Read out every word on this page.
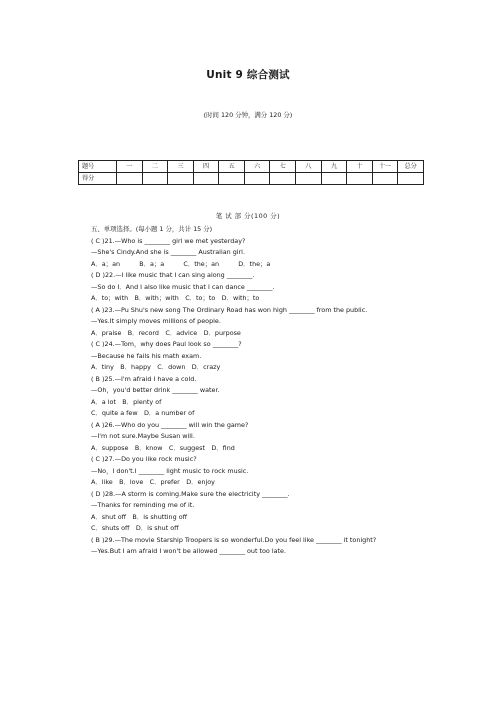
Unit 9 综合测试
(时间 120 分钟，满分 120 分)
题号	一	二	三	四	五	六	七	八	九	十	十一	总分
得分												
笔 试 部 分(100 分)
五、单项选择。(每小题 1 分，共计 15 分)
( C )21.—Who is ________ girl we met yesterday?
—She's Cindy.And she is ________ Australian girl.
A．a；an　　　B．a；a　　　C．the；an　　　D．the；a
( D )22.—I like music that I can sing along ________.
—So do I．And I also like music that I can dance ________.
A．to；with　B．with；with　C．to；to　D．with；to
( A )23.—Pu Shu's new song The Ordinary Road has won high ________ from the public.
—Yes.It simply moves millions of people.
A．praise　B．record　C．advice　D．purpose
( C )24.—Tom，why does Paul look so ________?
—Because he fails his math exam.
A．tiny　B．happy　C．down　D．crazy
( B )25.—I'm afraid I have a cold.
—Oh，you'd better drink ________ water.
A．a lot　B．plenty of
C．quite a few　D．a number of
( A )26.—Who do you ________ will win the game?
—I'm not sure.Maybe Susan will.
A．suppose　B．know　C．suggest　D．find
( C )27.—Do you like rock music?
—No，I don't.I ________ light music to rock music.
A．like　B．love　C．prefer　D．enjoy
( D )28.—A storm is coming.Make sure the electricity ________.
—Thanks for reminding me of it.
A．shut off　B．is shutting off
C．shuts off　D．is shut off
( B )29.—The movie Starship Troopers is so wonderful.Do you feel like ________ it tonight?
—Yes.But I am afraid I won't be allowed ________ out too late.
